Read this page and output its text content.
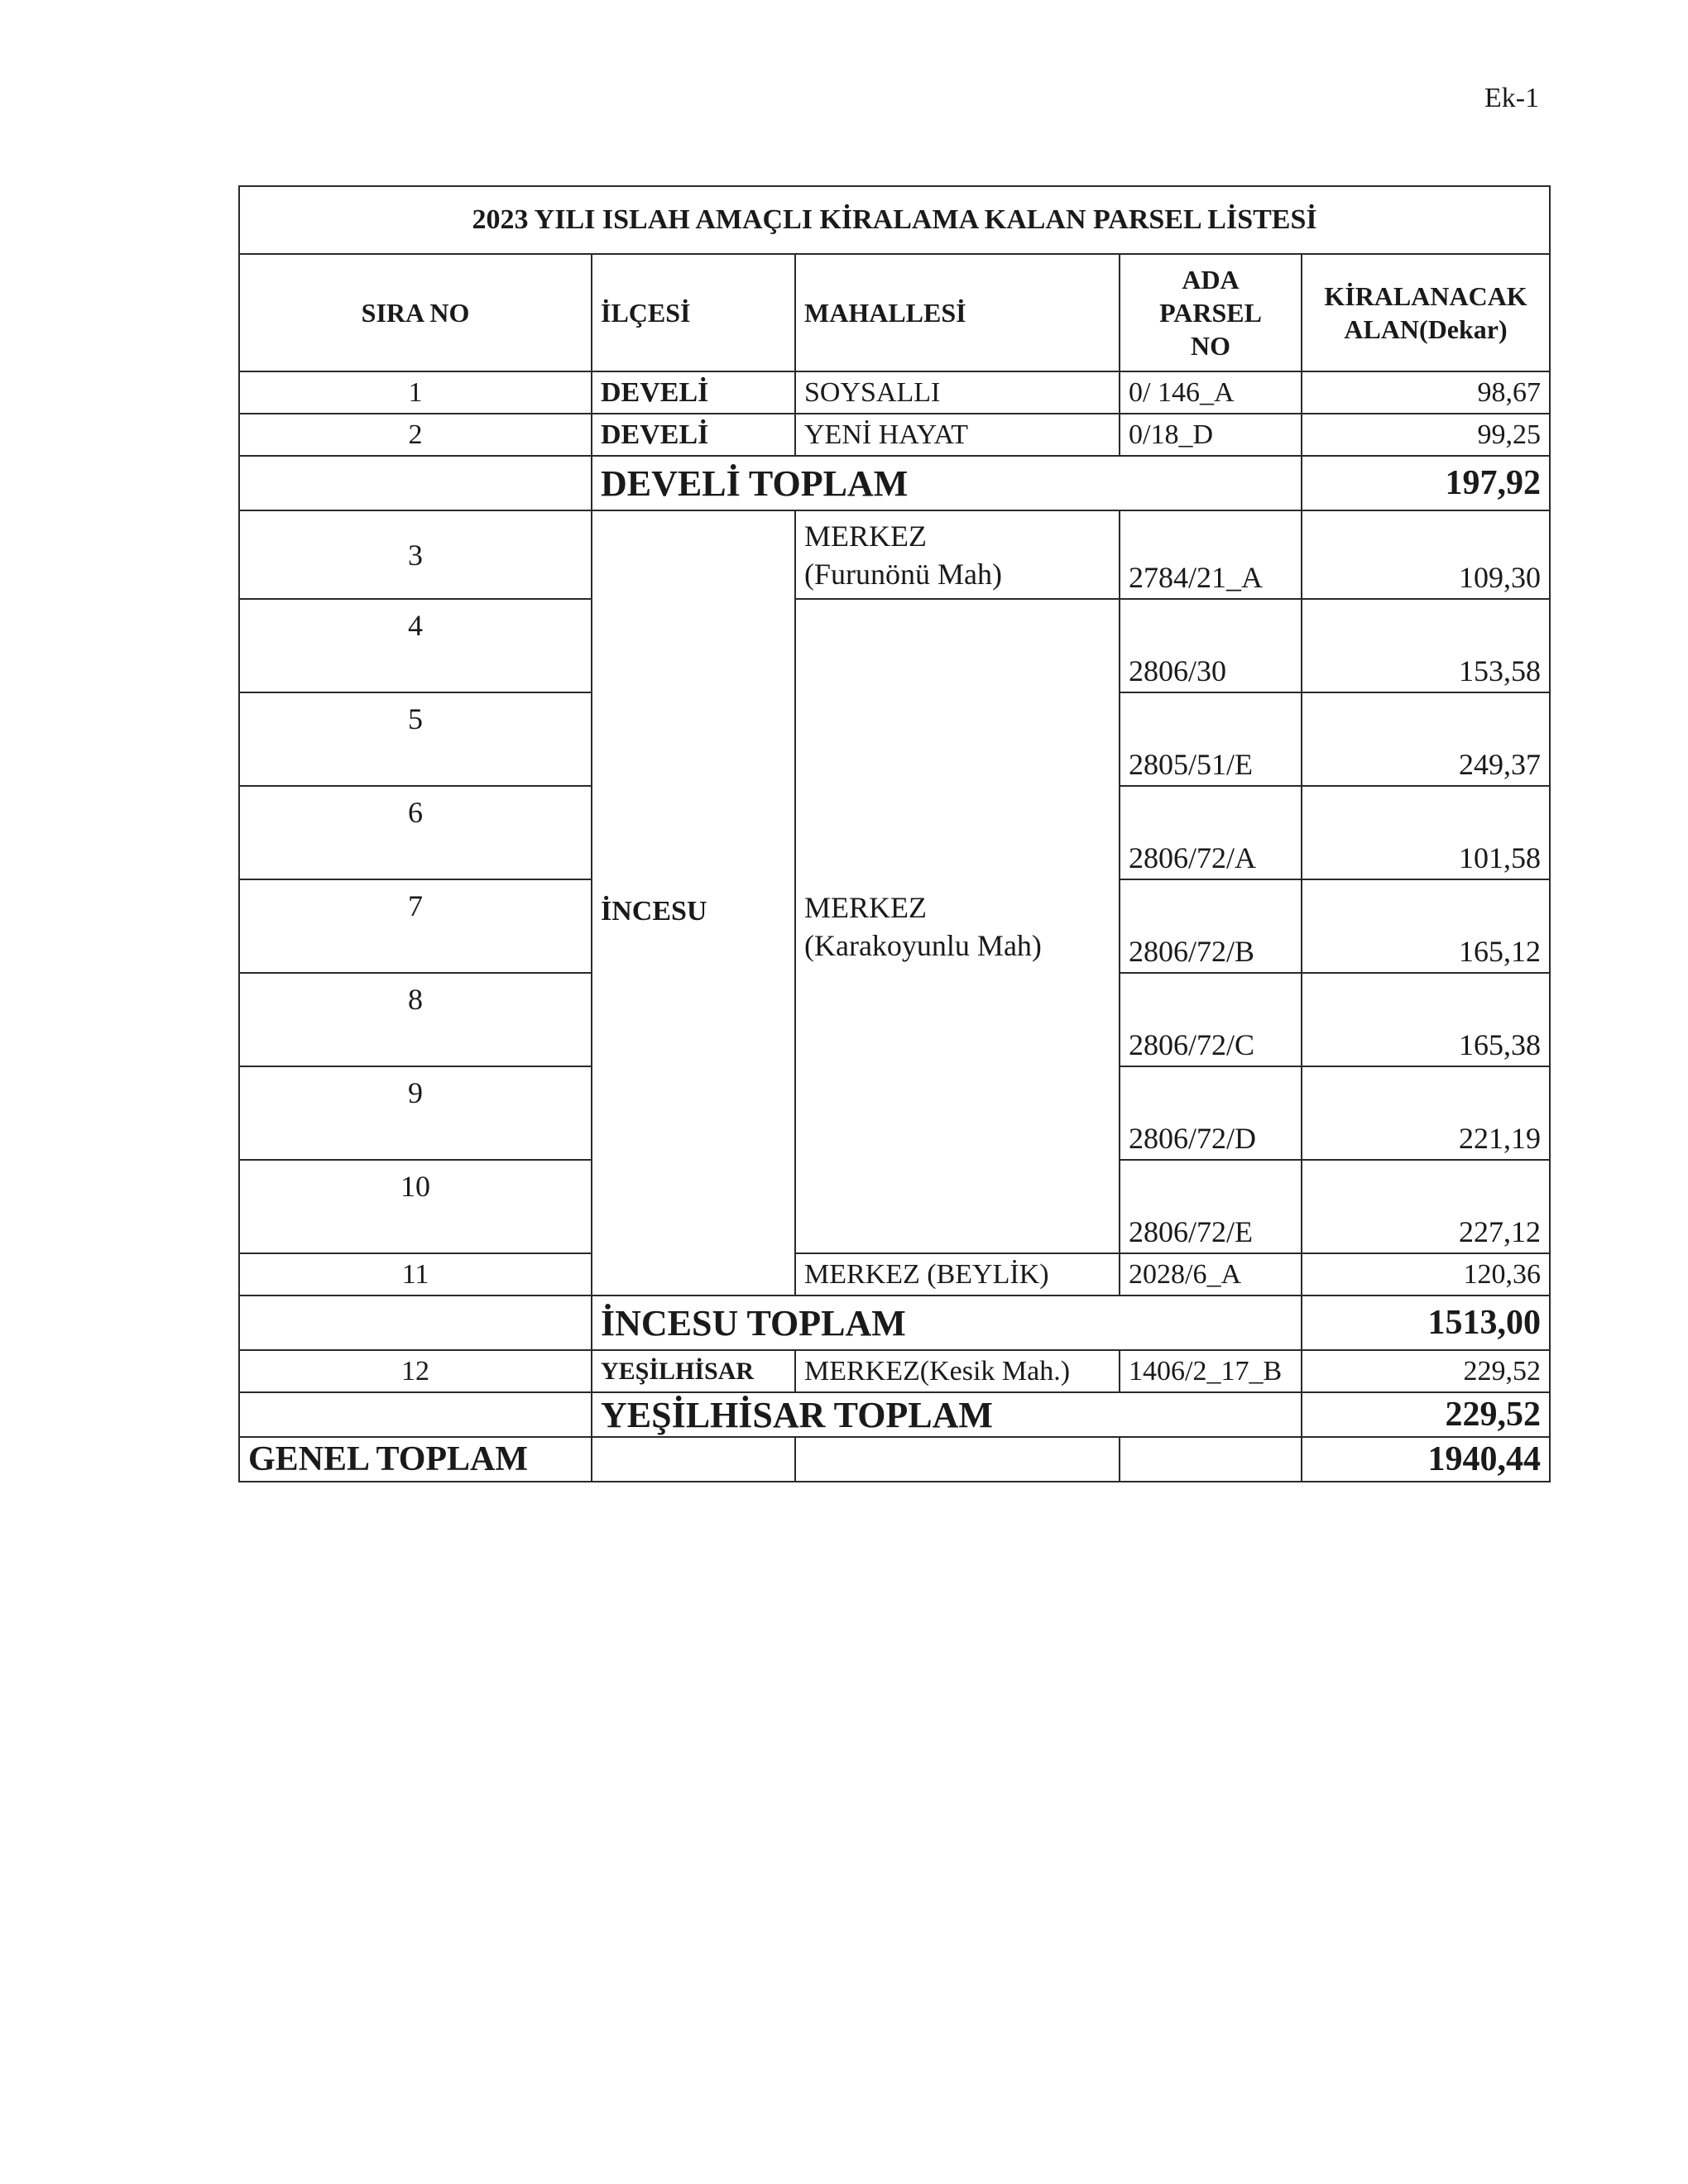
Ek-1
2023 YILI ISLAH AMAÇLI KİRALAMA KALAN PARSEL LİSTESİ				
SIRA NO	İLÇESİ	MAHALLESİ	ADA
PARSEL
NO	KİRALANACAK
ALAN(Dekar)
1	DEVELİ	SOYSALLI	0/ 146_A	98,67
2	DEVELİ	YENİ HAYAT	0/18_D	99,25
	DEVELİ TOPLAM			197,92
3	İNCESU	MERKEZ
(Furunönü Mah)	2784/21_A	109,30
4		MERKEZ
(Karakoyunlu Mah)	2806/30	153,58
5			2805/51/E	249,37
6			2806/72/A	101,58
7			2806/72/B	165,12
8			2806/72/C	165,38
9			2806/72/D	221,19
10			2806/72/E	227,12
11		MERKEZ (BEYLİK)	2028/6_A	120,36
	İNCESU TOPLAM			1513,00
12	YEŞİLHİSAR	MERKEZ(Kesik Mah.)	1406/2_17_B	229,52
	YEŞİLHİSAR TOPLAM			229,52
GENEL TOPLAM				1940,44
